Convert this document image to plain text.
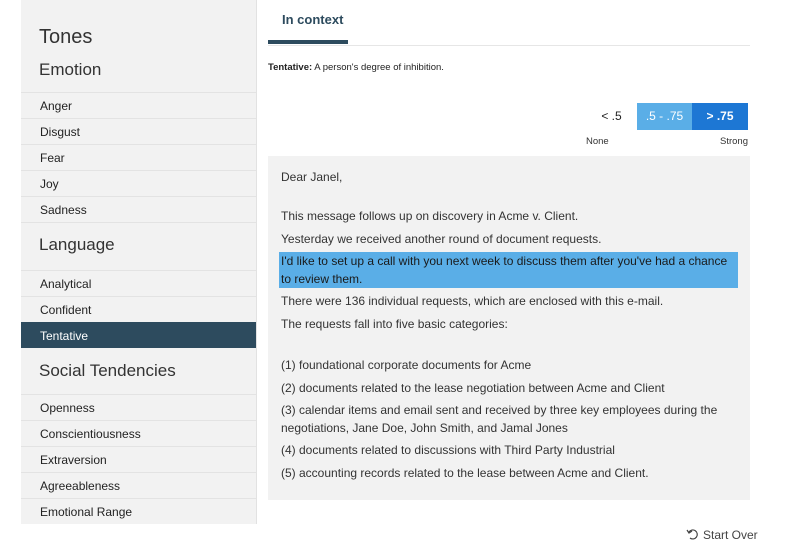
Tones
Emotion
Anger
Disgust
Fear
Joy
Sadness
Language
Analytical
Confident
Tentative
Social Tendencies
Openness
Conscientiousness
Extraversion
Agreeableness
Emotional Range
In context
Tentative: A person's degree of inhibition.
< .5	.5 - .75	> .75
None	Strong

Dear Janel,

This message follows up on discovery in Acme v. Client.

Yesterday we received another round of document requests.

I'd like to set up a call with you next week to discuss them after you've had a chance to review them.

There were 136 individual requests, which are enclosed with this e-mail.

The requests fall into five basic categories:

(1) foundational corporate documents for Acme

(2) documents related to the lease negotiation between Acme and Client

(3) calendar items and email sent and received by three key employees during the negotiations, Jane Doe, John Smith, and Jamal Jones

(4) documents related to discussions with Third Party Industrial

(5) accounting records related to the lease between Acme and Client.

Start Over
